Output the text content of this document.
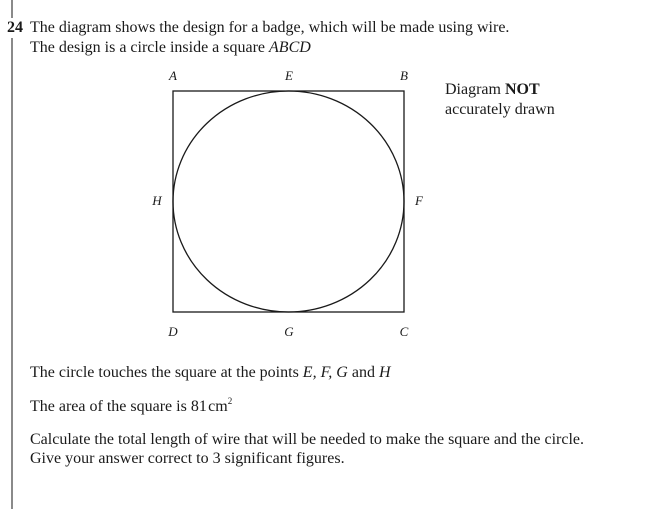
24 The diagram shows the design for a badge, which will be made using wire.
The design is a circle inside a square ABCD
A	E	B
H	F
D	G	C
Diagram NOT
accurately drawn
The circle touches the square at the points E, F, G and H
The area of the square is 81 $cm^2$
Calculate the total length of wire that will be needed to make the square and the circle.
Give your answer correct to 3 significant figures.
